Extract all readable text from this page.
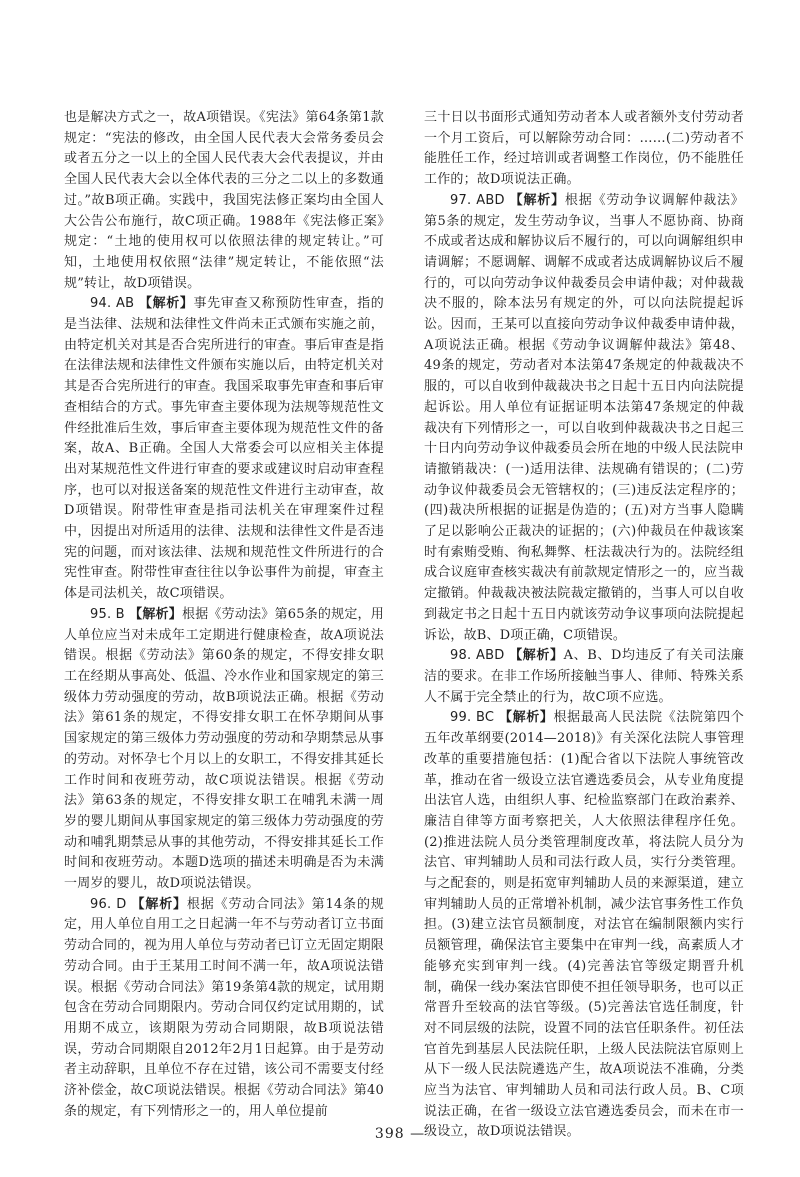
也是解决方式之一，故A项错误。《宪法》第64条第1款规定：“宪法的修改，由全国人民代表大会常务委员会或者五分之一以上的全国人民代表大会代表提议，并由全国人民代表大会以全体代表的三分之二以上的多数通过。”故B项正确。实践中，我国宪法修正案均由全国人大公告公布施行，故C项正确。1988年《宪法修正案》规定：“土地的使用权可以依照法律的规定转让。”可知，土地使用权依照“法律”规定转让，不能依照“法规”转让，故D项错误。

94. AB 【解析】事先审查又称预防性审查，指的是当法律、法规和法律性文件尚未正式颁布实施之前，由特定机关对其是否合宪所进行的审查。事后审查是指在法律法规和法律性文件颁布实施以后，由特定机关对其是否合宪所进行的审查。我国采取事先审查和事后审查相结合的方式。事先审查主要体现为法规等规范性文件经批准后生效，事后审查主要体现为规范性文件的备案，故A、B正确。全国人大常委会可以应相关主体提出对某规范性文件进行审查的要求或建议时启动审查程序，也可以对报送备案的规范性文件进行主动审查，故D项错误。附带性审查是指司法机关在审理案件过程中，因提出对所适用的法律、法规和法律性文件是否违宪的问题，而对该法律、法规和规范性文件所进行的合宪性审查。附带性审查往往以争讼事件为前提，审查主体是司法机关，故C项错误。

95. B 【解析】根据《劳动法》第65条的规定，用人单位应当对未成年工定期进行健康检查，故A项说法错误。根据《劳动法》第60条的规定，不得安排女职工在经期从事高处、低温、冷水作业和国家规定的第三级体力劳动强度的劳动，故B项说法正确。根据《劳动法》第61条的规定，不得安排女职工在怀孕期间从事国家规定的第三级体力劳动强度的劳动和孕期禁忌从事的劳动。对怀孕七个月以上的女职工，不得安排其延长工作时间和夜班劳动，故C项说法错误。根据《劳动法》第63条的规定，不得安排女职工在哺乳未满一周岁的婴儿期间从事国家规定的第三级体力劳动强度的劳动和哺乳期禁忌从事的其他劳动，不得安排其延长工作时间和夜班劳动。本题D选项的描述未明确是否为未满一周岁的婴儿，故D项说法错误。

96. D 【解析】根据《劳动合同法》第14条的规定，用人单位自用工之日起满一年不与劳动者订立书面劳动合同的，视为用人单位与劳动者已订立无固定期限劳动合同。由于王某用工时间不满一年，故A项说法错误。根据《劳动合同法》第19条第4款的规定，试用期包含在劳动合同期限内。劳动合同仅约定试用期的，试用期不成立，该期限为劳动合同期限，故B项说法错误，劳动合同期限自2012年2月1日起算。由于是劳动者主动辞职，且单位不存在过错，该公司不需要支付经济补偿金，故C项说法错误。根据《劳动合同法》第40条的规定，有下列情形之一的，用人单位提前

三十日以书面形式通知劳动者本人或者额外支付劳动者一个月工资后，可以解除劳动合同：……(二)劳动者不能胜任工作，经过培训或者调整工作岗位，仍不能胜任工作的；故D项说法正确。

97. ABD 【解析】根据《劳动争议调解仲裁法》第5条的规定，发生劳动争议，当事人不愿协商、协商不成或者达成和解协议后不履行的，可以向调解组织申请调解；不愿调解、调解不成或者达成调解协议后不履行的，可以向劳动争议仲裁委员会申请仲裁；对仲裁裁决不服的，除本法另有规定的外，可以向法院提起诉讼。因而，王某可以直接向劳动争议仲裁委申请仲裁，A项说法正确。根据《劳动争议调解仲裁法》第48、49条的规定，劳动者对本法第47条规定的仲裁裁决不服的，可以自收到仲裁裁决书之日起十五日内向法院提起诉讼。用人单位有证据证明本法第47条规定的仲裁裁决有下列情形之一，可以自收到仲裁裁决书之日起三十日内向劳动争议仲裁委员会所在地的中级人民法院申请撤销裁决：(一)适用法律、法规确有错误的；(二)劳动争议仲裁委员会无管辖权的；(三)违反法定程序的；(四)裁决所根据的证据是伪造的；(五)对方当事人隐瞒了足以影响公正裁决的证据的；(六)仲裁员在仲裁该案时有索贿受贿、徇私舞弊、枉法裁决行为的。法院经组成合议庭审查核实裁决有前款规定情形之一的，应当裁定撤销。仲裁裁决被法院裁定撤销的，当事人可以自收到裁定书之日起十五日内就该劳动争议事项向法院提起诉讼，故B、D项正确，C项错误。

98. ABD 【解析】A、B、D均违反了有关司法廉洁的要求。在非工作场所接触当事人、律师、特殊关系人不属于完全禁止的行为，故C项不应选。

99. BC 【解析】根据最高人民法院《法院第四个五年改革纲要(2014—2018)》有关深化法院人事管理改革的重要措施包括：(1)配合省以下法院人事统管改革，推动在省一级设立法官遴选委员会，从专业角度提出法官人选，由组织人事、纪检监察部门在政治素养、廉洁自律等方面考察把关，人大依照法律程序任免。(2)推进法院人员分类管理制度改革，将法院人员分为法官、审判辅助人员和司法行政人员，实行分类管理。与之配套的，则是拓宽审判辅助人员的来源渠道，建立审判辅助人员的正常增补机制，减少法官事务性工作负担。(3)建立法官员额制度，对法官在编制限额内实行员额管理，确保法官主要集中在审判一线，高素质人才能够充实到审判一线。(4)完善法官等级定期晋升机制，确保一线办案法官即使不担任领导职务，也可以正常晋升至较高的法官等级。(5)完善法官选任制度，针对不同层级的法院，设置不同的法官任职条件。初任法官首先到基层人民法院任职，上级人民法院法官原则上从下一级人民法院遴选产生，故A项说法不准确，分类应当为法官、审判辅助人员和司法行政人员。B、C项说法正确，在省一级设立法官遴选委员会，而未在市一级设立，故D项说法错误。

398 —
